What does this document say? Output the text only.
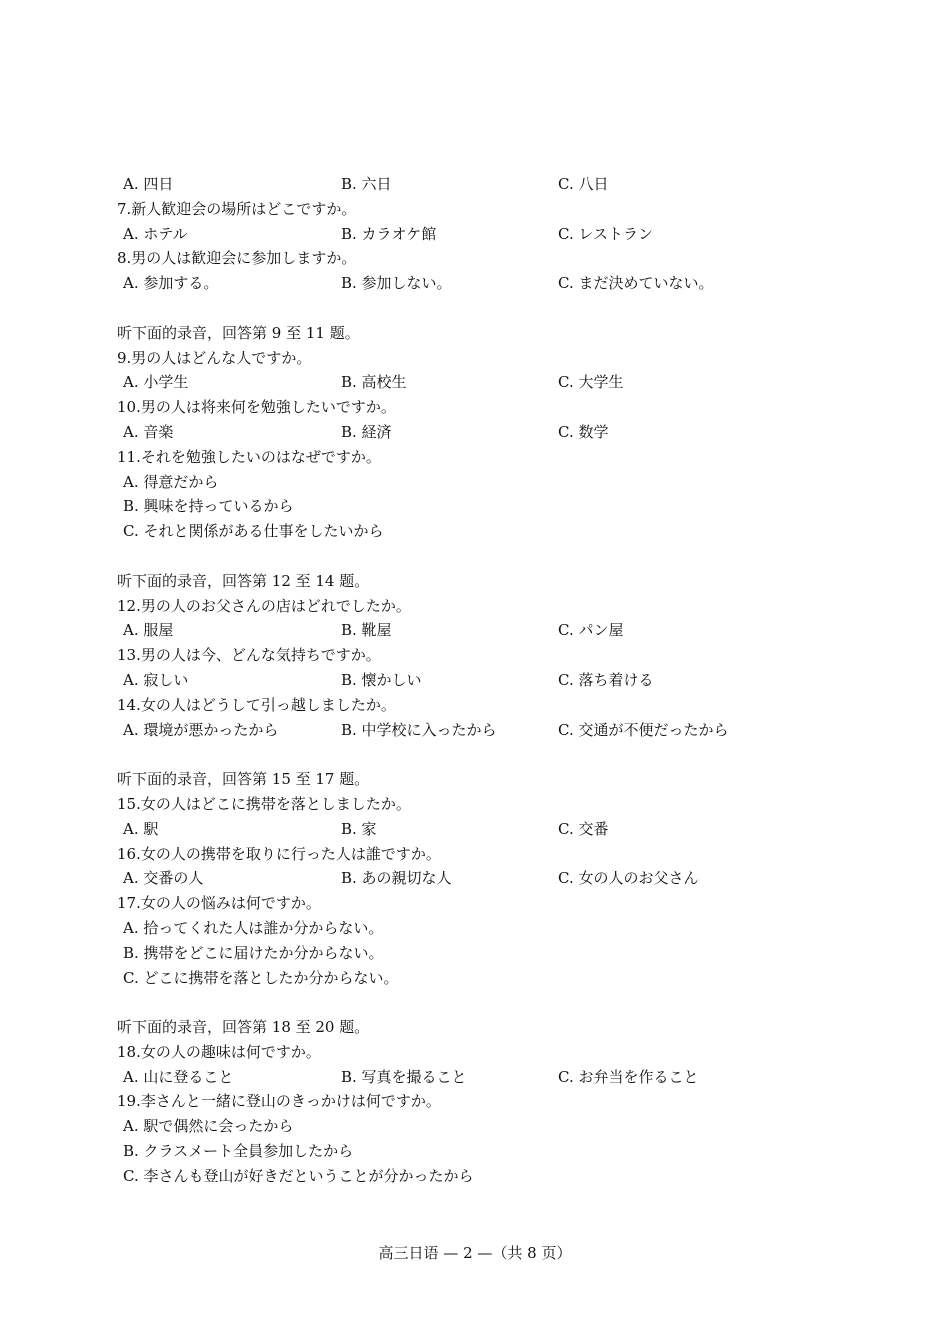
A. 四日	B. 六日	C. 八日
7.新人歓迎会の場所はどこですか。
A. ホテル	B. カラオケ館	C. レストラン
8.男の人は歓迎会に参加しますか。
A. 参加する。	B. 参加しない。	C. まだ決めていない。
听下面的录音，回答第 9 至 11 题。
9.男の人はどんな人ですか。
A. 小学生	B. 高校生	C. 大学生
10.男の人は将来何を勉強したいですか。
A. 音楽	B. 経済	C. 数学
11.それを勉強したいのはなぜですか。
A. 得意だから
B. 興味を持っているから
C. それと関係がある仕事をしたいから
听下面的录音，回答第 12 至 14 题。
12.男の人のお父さんの店はどれでしたか。
A. 服屋	B. 靴屋	C. パン屋
13.男の人は今、どんな気持ちですか。
A. 寂しい	B. 懐かしい	C. 落ち着ける
14.女の人はどうして引っ越しましたか。
A. 環境が悪かったから	B. 中学校に入ったから	C. 交通が不便だったから
听下面的录音，回答第 15 至 17 题。
15.女の人はどこに携帯を落としましたか。
A. 駅	B. 家	C. 交番
16.女の人の携帯を取りに行った人は誰ですか。
A. 交番の人	B. あの親切な人	C. 女の人のお父さん
17.女の人の悩みは何ですか。
A. 拾ってくれた人は誰か分からない。
B. 携帯をどこに届けたか分からない。
C. どこに携帯を落としたか分からない。
听下面的录音，回答第 18 至 20 题。
18.女の人の趣味は何ですか。
A. 山に登ること	B. 写真を撮ること	C. お弁当を作ること
19.李さんと一緒に登山のきっかけは何ですか。
A. 駅で偶然に会ったから
B. クラスメート全員参加したから
C. 李さんも登山が好きだということが分かったから
高三日语 — 2 —（共 8 页）
